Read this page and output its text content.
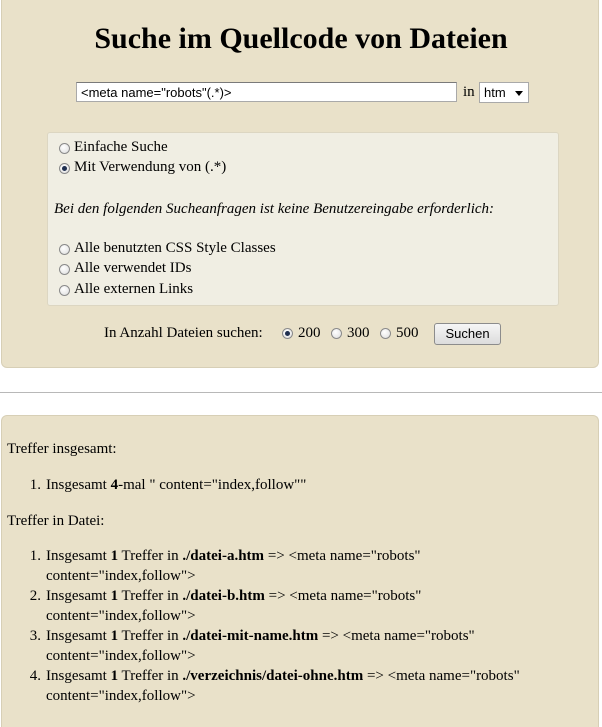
Suche im Quellcode von Dateien
<meta name="robots"(.*)>
in htm
Einfache Suche
Mit Verwendung von (.*)
Bei den folgenden Sucheanfragen ist keine Benutzereingabe erforderlich:
Alle benutzten CSS Style Classes
Alle verwendet IDs
Alle externen Links
In Anzahl Dateien suchen: 200 300 500	Suchen
Treffer insgesamt:
1. Insgesamt 4-mal " content="index,follow""
Treffer in Datei:
1. Insgesamt 1 Treffer in ./datei-a.htm => <meta name="robots"
content="index,follow">
2. Insgesamt 1 Treffer in ./datei-b.htm => <meta name="robots"
content="index,follow">
3. Insgesamt 1 Treffer in ./datei-mit-name.htm => <meta name="robots"
content="index,follow">
4. Insgesamt 1 Treffer in ./verzeichnis/datei-ohne.htm => <meta name="robots"
content="index,follow">
